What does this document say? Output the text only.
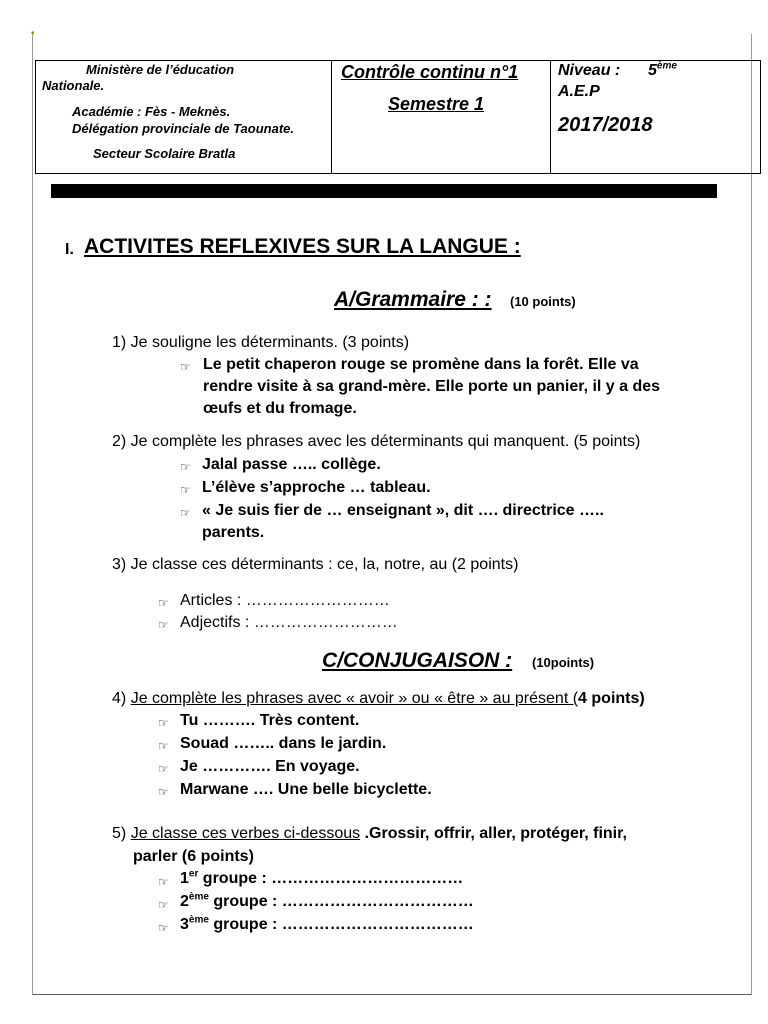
•
Ministère de l’éducation
Nationale.
Académie : Fès - Meknès.
Délégation provinciale de Taounate.
Secteur Scolaire Bratla
Contrôle continu n°1
Semestre 1
Niveau : 5ème
A.E.P
2017/2018
I. ACTIVITES REFLEXIVES SUR LA LANGUE :
A/Grammaire : : (10 points)
1) Je souligne les déterminants. (3 points)
☞ Le petit chaperon rouge se promène dans la forêt. Elle va
rendre visite à sa grand-mère. Elle porte un panier, il y a des
œufs et du fromage.
2) Je complète les phrases avec les déterminants qui manquent. (5 points)
☞ Jalal passe ….. collège.
☞ L’élève s’approche … tableau.
☞ « Je suis fier de … enseignant », dit …. directrice …..
parents.
3) Je classe ces déterminants : ce, la, notre, au (2 points)
☞ Articles : ………………………
☞ Adjectifs : ………………………
C/CONJUGAISON : (10points)
4) Je complète les phrases avec « avoir » ou « être » au présent (4 points)
☞ Tu ………. Très content.
☞ Souad …….. dans le jardin.
☞ Je …………. En voyage.
☞ Marwane …. Une belle bicyclette.
5) Je classe ces verbes ci-dessous .Grossir, offrir, aller, protéger, finir,
parler (6 points)
☞ 1er groupe : ………………………………
☞ 2ème groupe : ………………………………
☞ 3ème groupe : ………………………………
